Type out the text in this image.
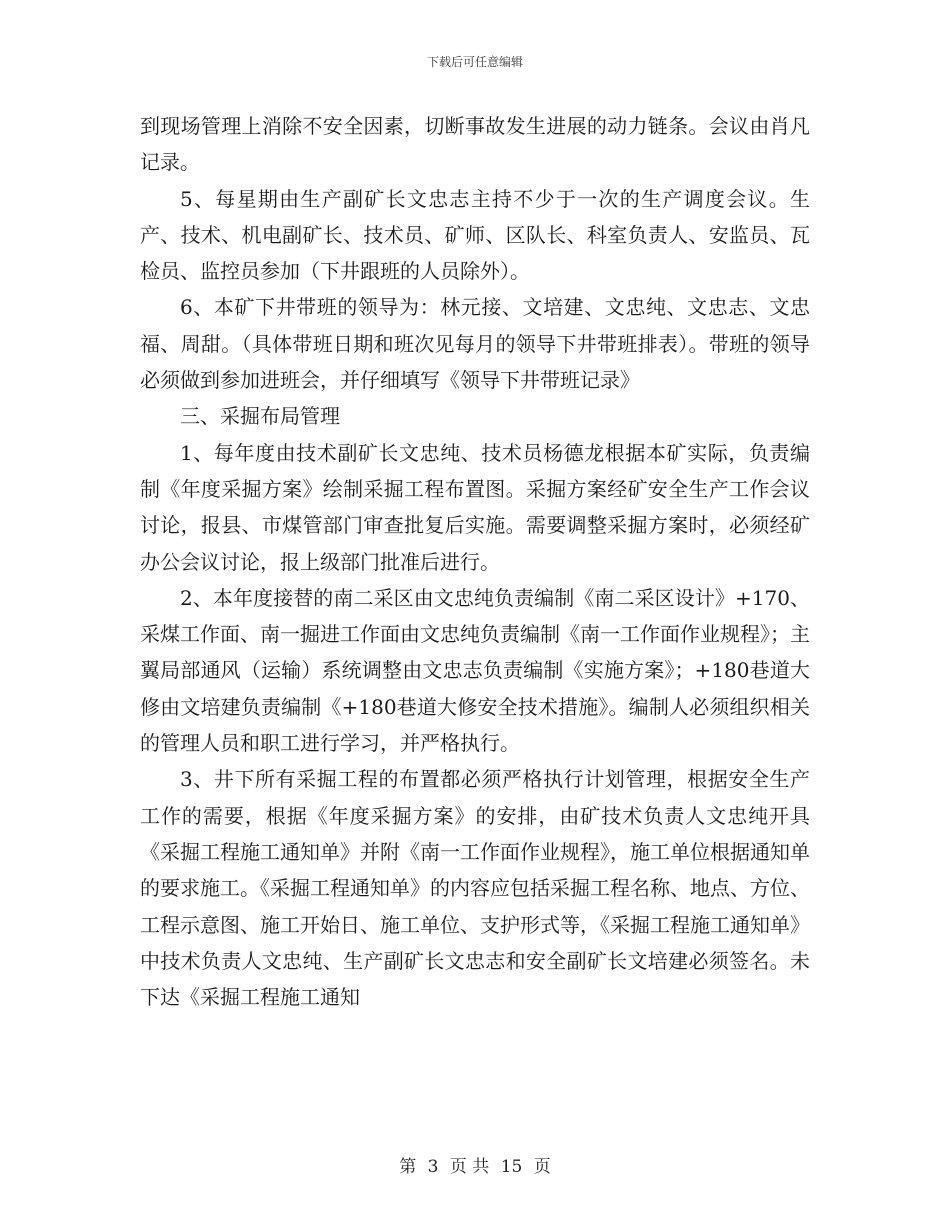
下载后可任意编辑

到现场管理上消除不安全因素，切断事故发生进展的动力链条。会议由肖凡记录。

5、每星期由生产副矿长文忠志主持不少于一次的生产调度会议。生产、技术、机电副矿长、技术员、矿师、区队长、科室负责人、安监员、瓦检员、监控员参加（下井跟班的人员除外）。

6、本矿下井带班的领导为：林元接、文培建、文忠纯、文忠志、文忠福、周甜。（具体带班日期和班次见每月的领导下井带班排表）。带班的领导必须做到参加进班会，并仔细填写《领导下井带班记录》

三、采掘布局管理

1、每年度由技术副矿长文忠纯、技术员杨德龙根据本矿实际，负责编制《年度采掘方案》绘制采掘工程布置图。采掘方案经矿安全生产工作会议讨论，报县、市煤管部门审查批复后实施。需要调整采掘方案时，必须经矿办公会议讨论，报上级部门批准后进行。

2、本年度接替的南二采区由文忠纯负责编制《南二采区设计》+170、采煤工作面、南一掘进工作面由文忠纯负责编制《南一工作面作业规程》；主翼局部通风（运输）系统调整由文忠志负责编制《实施方案》；+180巷道大修由文培建负责编制《+180巷道大修安全技术措施》。编制人必须组织相关的管理人员和职工进行学习，并严格执行。

3、井下所有采掘工程的布置都必须严格执行计划管理，根据安全生产工作的需要，根据《年度采掘方案》的安排，由矿技术负责人文忠纯开具《采掘工程施工通知单》并附《南一工作面作业规程》，施工单位根据通知单的要求施工。《采掘工程通知单》的内容应包括采掘工程名称、地点、方位、工程示意图、施工开始日、施工单位、支护形式等，《采掘工程施工通知单》中技术负责人文忠纯、生产副矿长文忠志和安全副矿长文培建必须签名。未下达《采掘工程施工通知

第 3 页 共 15 页
